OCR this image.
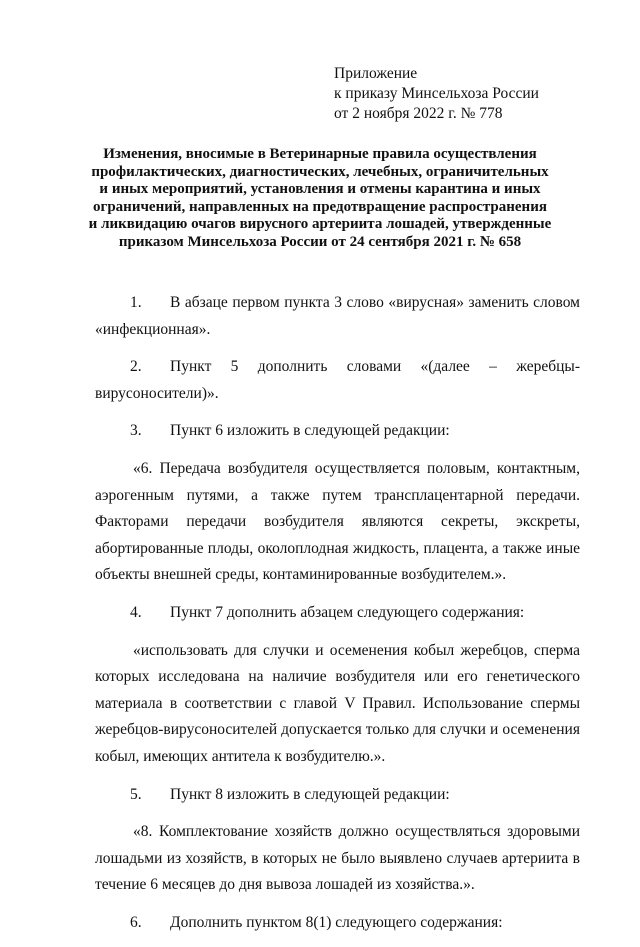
Приложение
к приказу Минсельхоза России
от 2 ноября 2022 г. № 778
Изменения, вносимые в Ветеринарные правила осуществления
профилактических, диагностических, лечебных, ограничительных
и иных мероприятий, установления и отмены карантина и иных
ограничений, направленных на предотвращение распространения
и ликвидацию очагов вирусного артериита лошадей, утвержденные
приказом Минсельхоза России от 24 сентября 2021 г. № 658

1. В абзаце первом пункта 3 слово «вирусная» заменить словом «инфекционная».

2. Пункт 5 дополнить словами «(далее – жеребцы-вирусоносители)».

3. Пункт 6 изложить в следующей редакции:

«6. Передача возбудителя осуществляется половым, контактным, аэрогенным путями, а также путем трансплацентарной передачи. Факторами передачи возбудителя являются секреты, экскреты, абортированные плоды, околоплодная жидкость, плацента, а также иные объекты внешней среды, контаминированные возбудителем.».

4. Пункт 7 дополнить абзацем следующего содержания:

«использовать для случки и осеменения кобыл жеребцов, сперма которых исследована на наличие возбудителя или его генетического материала в соответствии с главой V Правил. Использование спермы жеребцов-вирусоносителей допускается только для случки и осеменения кобыл, имеющих антитела к возбудителю.».

5. Пункт 8 изложить в следующей редакции:

«8. Комплектование хозяйств должно осуществляться здоровыми лошадьми из хозяйств, в которых не было выявлено случаев артериита в течение 6 месяцев до дня вывоза лошадей из хозяйства.».

6. Дополнить пунктом 8(1) следующего содержания:
